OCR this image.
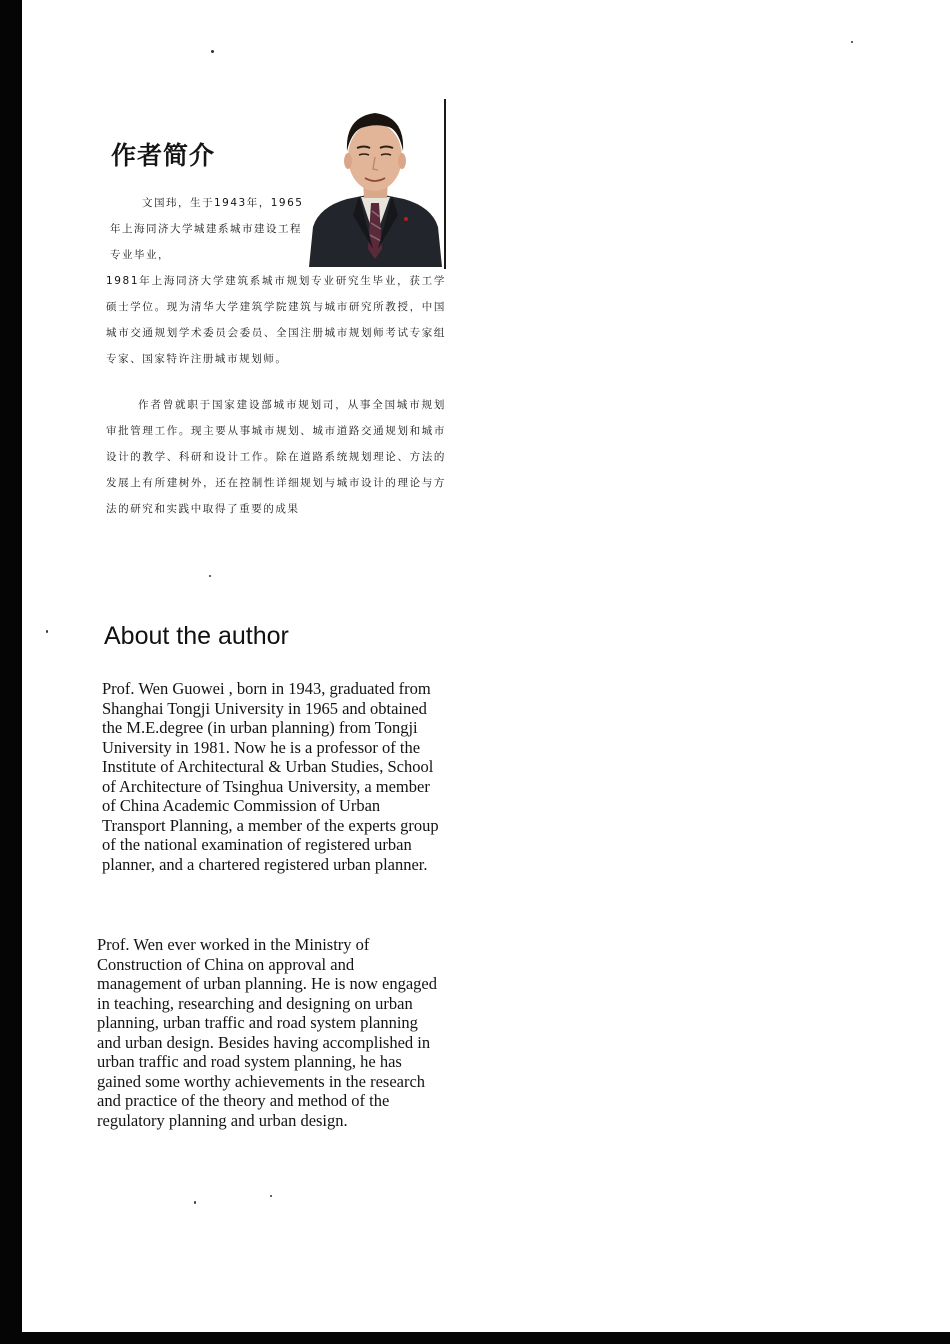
作者简介

文国玮，生于1943年，1965年上海同济大学城建系城市建设工程专业毕业，

1981年上海同济大学建筑系城市规划专业研究生毕业，获工学硕士学位。现为清华大学建筑学院建筑与城市研究所教授，中国城市交通规划学术委员会委员、全国注册城市规划师考试专家组专家、国家特许注册城市规划师。

作者曾就职于国家建设部城市规划司，从事全国城市规划审批管理工作。现主要从事城市规划、城市道路交通规划和城市设计的教学、科研和设计工作。除在道路系统规划理论、方法的发展上有所建树外，还在控制性详细规划与城市设计的理论与方法的研究和实践中取得了重要的成果

About the author

Prof. Wen Guowei , born in 1943, graduated from Shanghai Tongji University in 1965 and obtained the M.E.degree (in urban planning) from Tongji University in 1981. Now he is a professor of the Institute of Architectural & Urban Studies, School of Architecture of Tsinghua University, a member of China Academic Commission of Urban Transport Planning, a member of the experts group of the national examination of registered urban planner, and a chartered registered urban planner.

Prof. Wen ever worked in the Ministry of Construction of China on approval and management of urban planning. He is now engaged in teaching, researching and designing on urban planning, urban traffic and road system planning and urban design. Besides having accomplished in urban traffic and road system planning, he has gained some worthy achievements in the research and practice of the theory and method of the regulatory planning and urban design.
